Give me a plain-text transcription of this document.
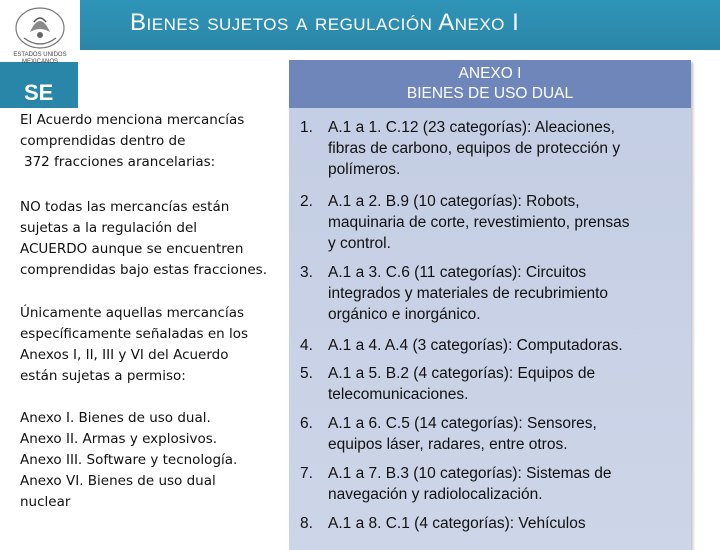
Bienes sujetos a regulación Anexo I
SE
ESTADOS UNIDOS MEXICANOS

El Acuerdo menciona mercancías
comprendidas dentro de
372 fracciones arancelarias:

NO todas las mercancías están
sujetas a la regulación del
ACUERDO aunque se encuentren
comprendidas bajo estas fracciones.

Únicamente aquellas mercancías
específicamente señaladas en los
Anexos I, II, III y VI del Acuerdo
están sujetas a permiso:

Anexo I. Bienes de uso dual.
Anexo II. Armas y explosivos.
Anexo III. Software y tecnología.
Anexo VI. Bienes de uso dual
nuclear

ANEXO I
BIENES DE USO DUAL
1. A.1 a 1. C.12 (23 categorías): Aleaciones,
fibras de carbono, equipos de protección y
polímeros.
2. A.1 a 2. B.9 (10 categorías): Robots,
maquinaria de corte, revestimiento, prensas
y control.
3. A.1 a 3. C.6 (11 categorías): Circuitos
integrados y materiales de recubrimiento
orgánico e inorgánico.
4. A.1 a 4. A.4 (3 categorías): Computadoras.
5. A.1 a 5. B.2 (4 categorías): Equipos de
telecomunicaciones.
6. A.1 a 6. C.5 (14 categorías): Sensores,
equipos láser, radares, entre otros.
7. A.1 a 7. B.3 (10 categorías): Sistemas de
navegación y radiolocalización.
8. A.1 a 8. C.1 (4 categorías): Vehículos
